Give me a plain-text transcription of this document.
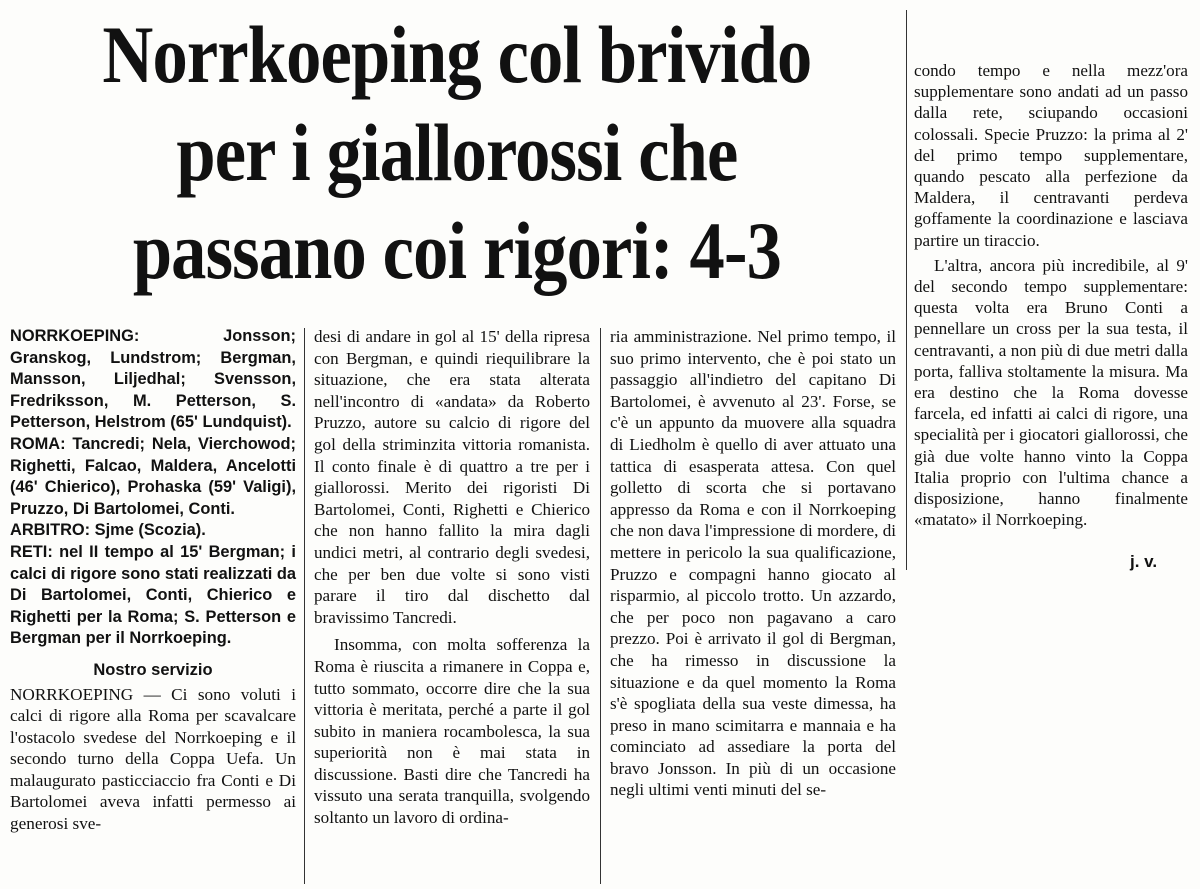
Norrkoeping col brivido
per i giallorossi che
passano coi rigori: 4-3

NORRKOEPING: Jonsson; Granskog, Lundstrom; Bergman, Mansson, Liljedhal; Svensson, Fredriksson, M. Petterson, S. Petterson, Helstrom (65' Lundquist).

ROMA: Tancredi; Nela, Vierchowod; Righetti, Falcao, Maldera, Ancelotti (46' Chierico), Prohaska (59' Valigi), Pruzzo, Di Bartolomei, Conti.

ARBITRO: Sjme (Scozia).

RETI: nel II tempo al 15' Bergman; i calci di rigore sono stati realizzati da Di Bartolomei, Conti, Chierico e Righetti per la Roma; S. Petterson e Bergman per il Norrkoeping.

Nostro servizio

NORRKOEPING — Ci sono voluti i calci di rigore alla Roma per scavalcare l'ostacolo svedese del Norrkoeping e il secondo turno della Coppa Uefa. Un malaugurato pasticciaccio fra Conti e Di Bartolomei aveva infatti permesso ai generosi sve-

desi di andare in gol al 15' della ripresa con Bergman, e quindi riequilibrare la situazione, che era stata alterata nell'incontro di «andata» da Roberto Pruzzo, autore su calcio di rigore del gol della striminzita vittoria romanista. Il conto finale è di quattro a tre per i giallorossi. Merito dei rigoristi Di Bartolomei, Conti, Righetti e Chierico che non hanno fallito la mira dagli undici metri, al contrario degli svedesi, che per ben due volte si sono visti parare il tiro dal dischetto dal bravissimo Tancredi.

Insomma, con molta sofferenza la Roma è riuscita a rimanere in Coppa e, tutto sommato, occorre dire che la sua vittoria è meritata, perché a parte il gol subito in maniera rocambolesca, la sua superiorità non è mai stata in discussione. Basti dire che Tancredi ha vissuto una serata tranquilla, svolgendo soltanto un lavoro di ordina-

ria amministrazione. Nel primo tempo, il suo primo intervento, che è poi stato un passaggio all'indietro del capitano Di Bartolomei, è avvenuto al 23'. Forse, se c'è un appunto da muovere alla squadra di Liedholm è quello di aver attuato una tattica di esasperata attesa. Con quel golletto di scorta che si portavano appresso da Roma e con il Norrkoeping che non dava l'impressione di mordere, di mettere in pericolo la sua qualificazione, Pruzzo e compagni hanno giocato al risparmio, al piccolo trotto. Un azzardo, che per poco non pagavano a caro prezzo. Poi è arrivato il gol di Bergman, che ha rimesso in discussione la situazione e da quel momento la Roma s'è spogliata della sua veste dimessa, ha preso in mano scimitarra e mannaia e ha cominciato ad assediare la porta del bravo Jonsson. In più di un occasione negli ultimi venti minuti del se-

condo tempo e nella mezz'ora supplementare sono andati ad un passo dalla rete, sciupando occasioni colossali. Specie Pruzzo: la prima al 2' del primo tempo supplementare, quando pescato alla perfezione da Maldera, il centravanti perdeva goffamente la coordinazione e lasciava partire un tiraccio.

L'altra, ancora più incredibile, al 9' del secondo tempo supplementare: questa volta era Bruno Conti a pennellare un cross per la sua testa, il centravanti, a non più di due metri dalla porta, falliva stoltamente la misura. Ma era destino che la Roma dovesse farcela, ed infatti ai calci di rigore, una specialità per i giocatori giallorossi, che già due volte hanno vinto la Coppa Italia proprio con l'ultima chance a disposizione, hanno finalmente «matato» il Norrkoeping.

j. v.
